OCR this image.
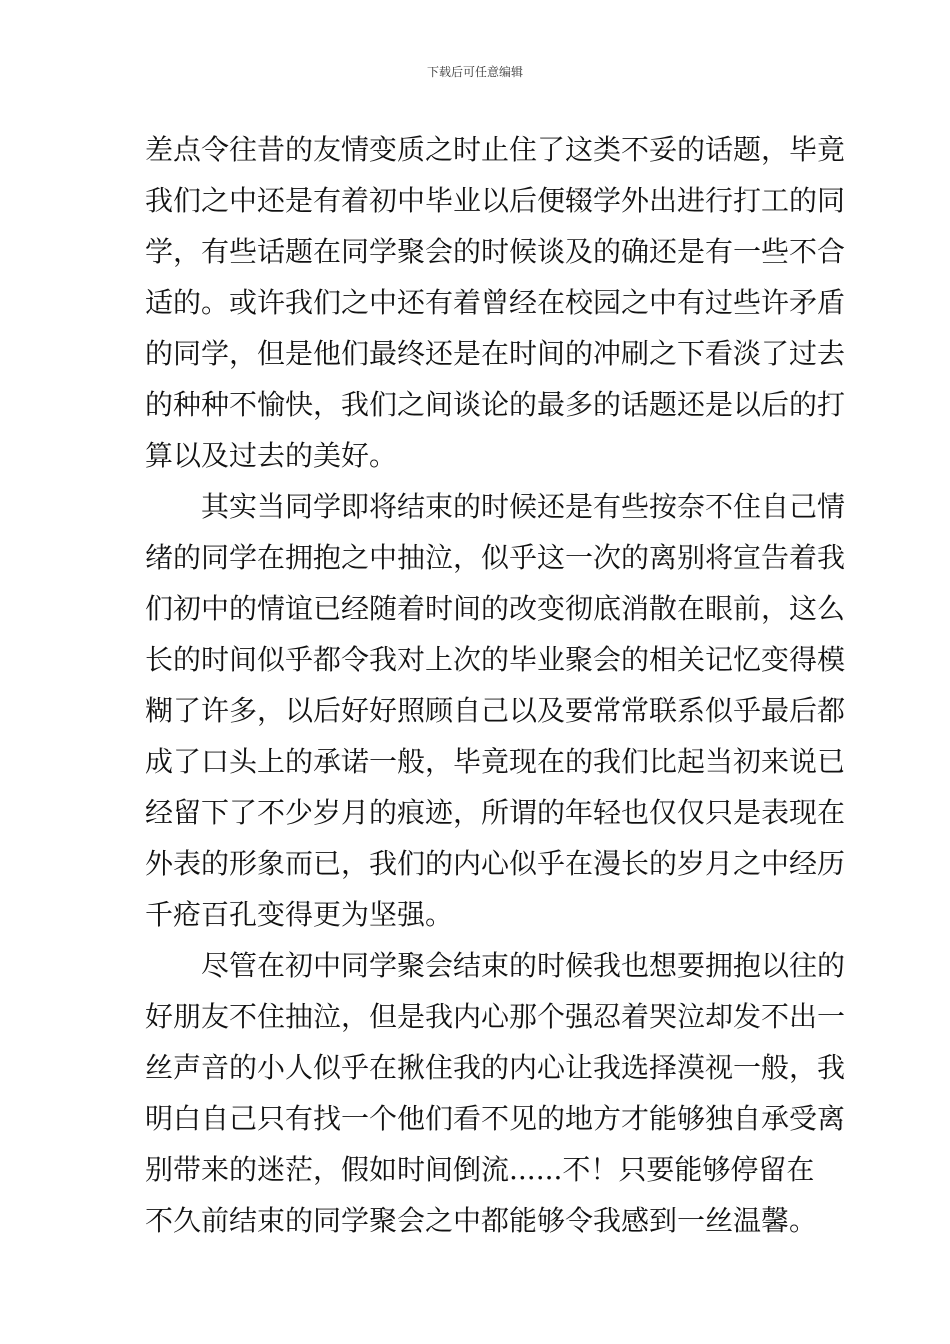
下载后可任意编辑
差点令往昔的友情变质之时止住了这类不妥的话题，毕竟
我们之中还是有着初中毕业以后便辍学外出进行打工的同
学，有些话题在同学聚会的时候谈及的确还是有一些不合
适的。或许我们之中还有着曾经在校园之中有过些许矛盾
的同学，但是他们最终还是在时间的冲刷之下看淡了过去
的种种不愉快，我们之间谈论的最多的话题还是以后的打
算以及过去的美好。
其实当同学即将结束的时候还是有些按奈不住自己情
绪的同学在拥抱之中抽泣，似乎这一次的离别将宣告着我
们初中的情谊已经随着时间的改变彻底消散在眼前，这么
长的时间似乎都令我对上次的毕业聚会的相关记忆变得模
糊了许多，以后好好照顾自己以及要常常联系似乎最后都
成了口头上的承诺一般，毕竟现在的我们比起当初来说已
经留下了不少岁月的痕迹，所谓的年轻也仅仅只是表现在
外表的形象而已，我们的内心似乎在漫长的岁月之中经历
千疮百孔变得更为坚强。
尽管在初中同学聚会结束的时候我也想要拥抱以往的
好朋友不住抽泣，但是我内心那个强忍着哭泣却发不出一
丝声音的小人似乎在揪住我的内心让我选择漠视一般，我
明白自己只有找一个他们看不见的地方才能够独自承受离
别带来的迷茫，假如时间倒流......不！只要能够停留在
不久前结束的同学聚会之中都能够令我感到一丝温馨。
